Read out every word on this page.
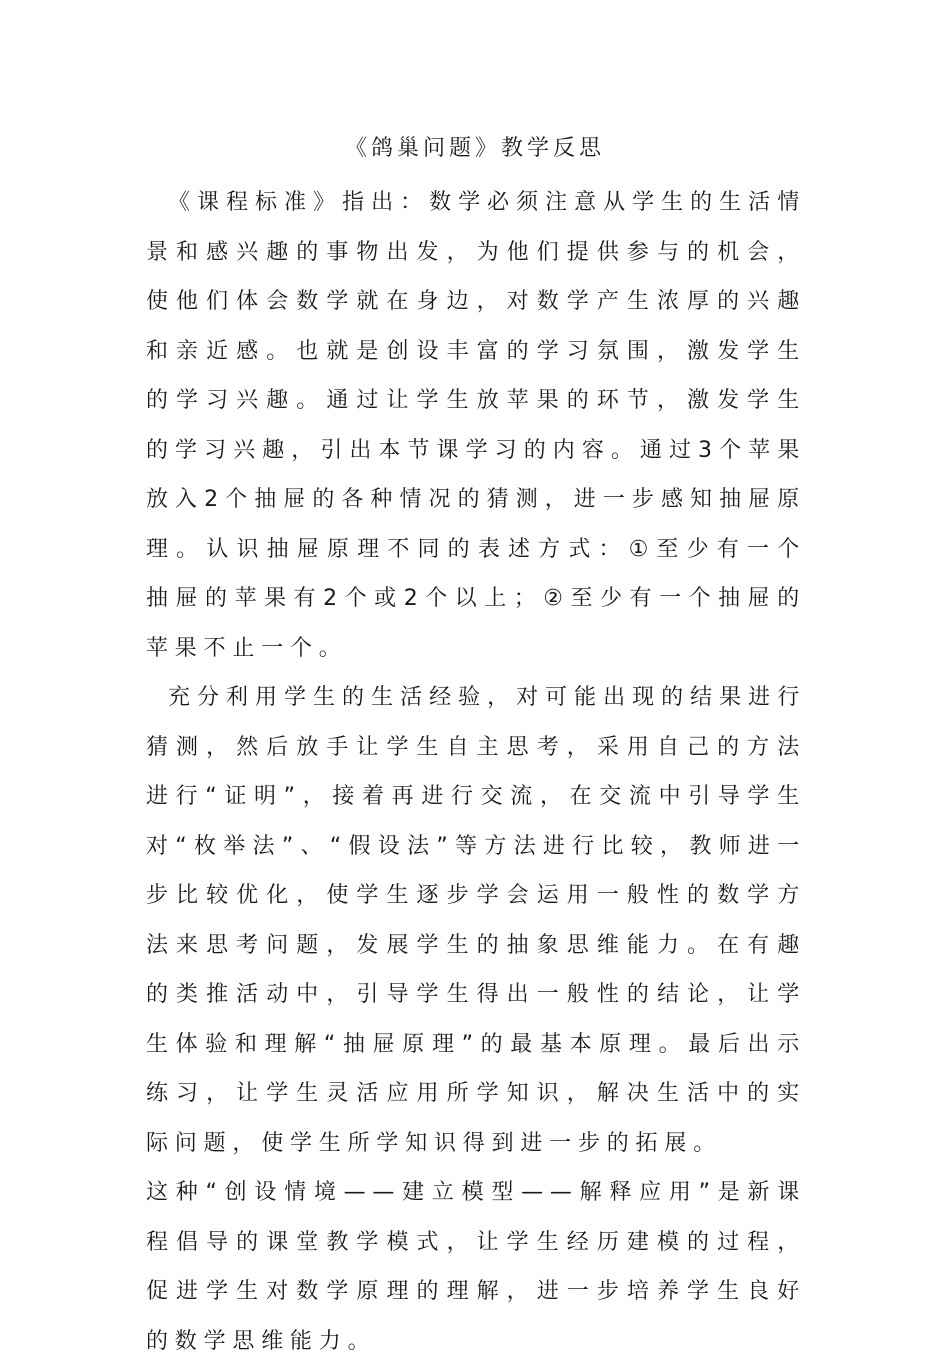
《鸽巢问题》教学反思

《课程标准》指出：数学必须注意从学生的生活情景和感兴趣的事物出发，为他们提供参与的机会，使他们体会数学就在身边，对数学产生浓厚的兴趣和亲近感。也就是创设丰富的学习氛围，激发学生的学习兴趣。通过让学生放苹果的环节，激发学生的学习兴趣，引出本节课学习的内容。通过3个苹果放入2个抽屉的各种情况的猜测，进一步感知抽屉原理。认识抽屉原理不同的表述方式：①至少有一个抽屉的苹果有2个或2个以上；②至少有一个抽屉的苹果不止一个。

充分利用学生的生活经验，对可能出现的结果进行猜测，然后放手让学生自主思考，采用自己的方法进行“证明”，接着再进行交流，在交流中引导学生对“枚举法”、“假设法”等方法进行比较，教师进一步比较优化，使学生逐步学会运用一般性的数学方法来思考问题，发展学生的抽象思维能力。在有趣的类推活动中，引导学生得出一般性的结论，让学生体验和理解“抽屉原理”的最基本原理。最后出示练习，让学生灵活应用所学知识，解决生活中的实际问题，使学生所学知识得到进一步的拓展。

这种“创设情境——建立模型——解释应用”是新课程倡导的课堂教学模式，让学生经历建模的过程，促进学生对数学原理的理解，进一步培养学生良好的数学思维能力。
